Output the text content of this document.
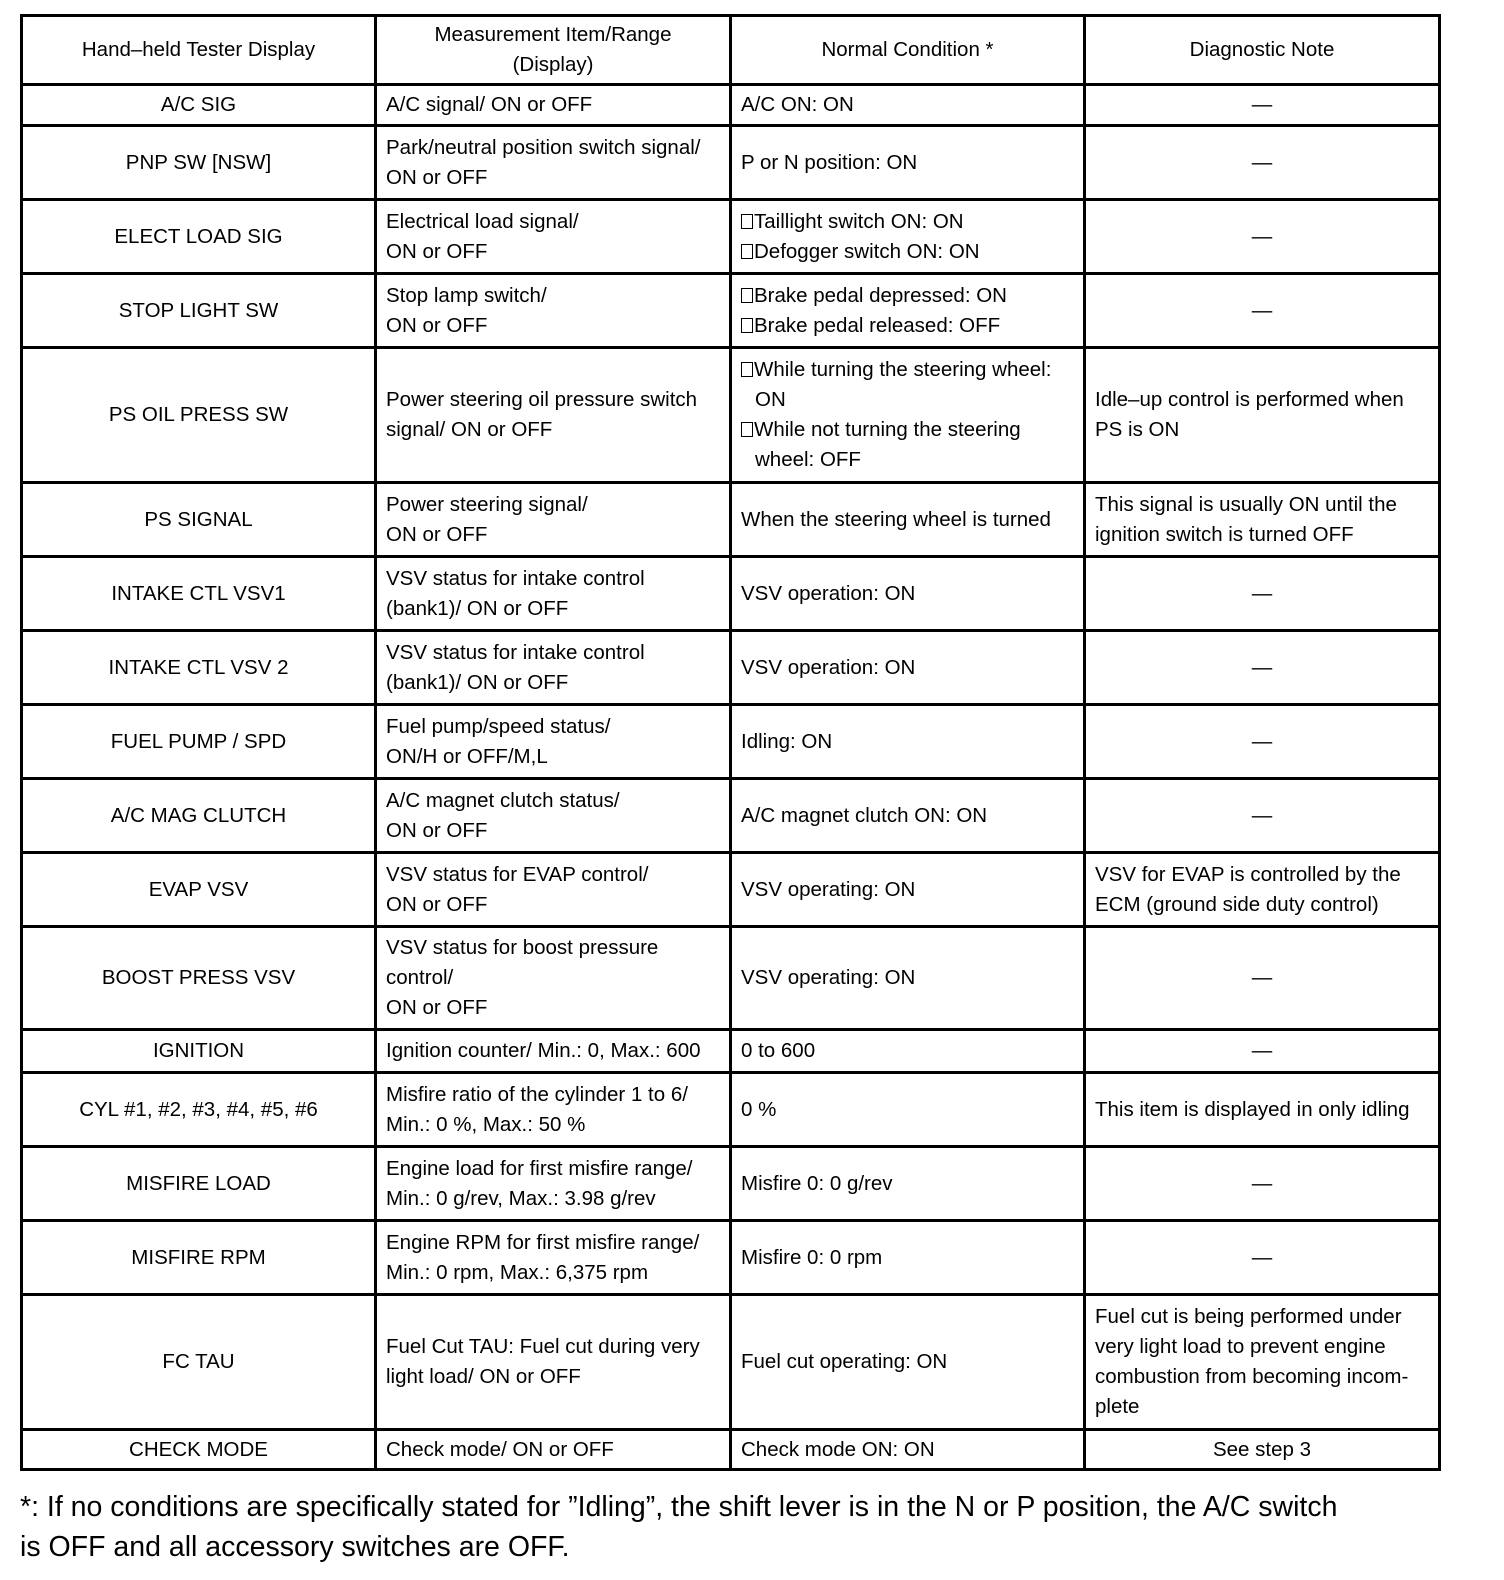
Hand–held Tester Display	Measurement Item/Range
(Display)	Normal Condition *	Diagnostic Note

A/C SIG	A/C signal/ ON or OFF	A/C ON: ON	—

PNP SW [NSW]	Park/neutral position switch signal/
ON or OFF	P or N position: ON	—

ELECT LOAD SIG	Electrical load signal/
ON or OFF	Taillight switch ON: ON
Defogger switch ON: ON	—

STOP LIGHT SW	Stop lamp switch/
ON or OFF	Brake pedal depressed: ON
Brake pedal released: OFF	—

PS OIL PRESS SW	Power steering oil pressure switch
signal/ ON or OFF	While turning the steering wheel:
ON
While not turning the steering
wheel: OFF	Idle–up control is performed when
PS is ON

PS SIGNAL	Power steering signal/
ON or OFF	When the steering wheel is turned	This signal is usually ON until the
ignition switch is turned OFF

INTAKE CTL VSV1	VSV status for intake control
(bank1)/ ON or OFF	VSV operation: ON	—

INTAKE CTL VSV 2	VSV status for intake control
(bank1)/ ON or OFF	VSV operation: ON	—

FUEL PUMP / SPD	Fuel pump/speed status/
ON/H or OFF/M,L	Idling: ON	—

A/C MAG CLUTCH	A/C magnet clutch status/
ON or OFF	A/C magnet clutch ON: ON	—

EVAP VSV	VSV status for EVAP control/
ON or OFF	VSV operating: ON	VSV for EVAP is controlled by the
ECM (ground side duty control)

BOOST PRESS VSV	VSV status for boost pressure
control/
ON or OFF	VSV operating: ON	—

IGNITION	Ignition counter/ Min.: 0, Max.: 600	0 to 600	—

CYL #1, #2, #3, #4, #5, #6	Misfire ratio of the cylinder 1 to 6/
Min.: 0 %, Max.: 50 %	0 %	This item is displayed in only idling

MISFIRE LOAD	Engine load for first misfire range/
Min.: 0 g/rev, Max.: 3.98 g/rev	Misfire 0: 0 g/rev	—

MISFIRE RPM	Engine RPM for first misfire range/
Min.: 0 rpm, Max.: 6,375 rpm	Misfire 0: 0 rpm	—

FC TAU	Fuel Cut TAU: Fuel cut during very
light load/ ON or OFF	Fuel cut operating: ON	Fuel cut is being performed under
very light load to prevent engine
combustion from becoming incom-
plete

CHECK MODE	Check mode/ ON or OFF	Check mode ON: ON	See step 3
*: If no conditions are specifically stated for ”Idling”, the shift lever is in the N or P position, the A/C switch
is OFF and all accessory switches are OFF.
